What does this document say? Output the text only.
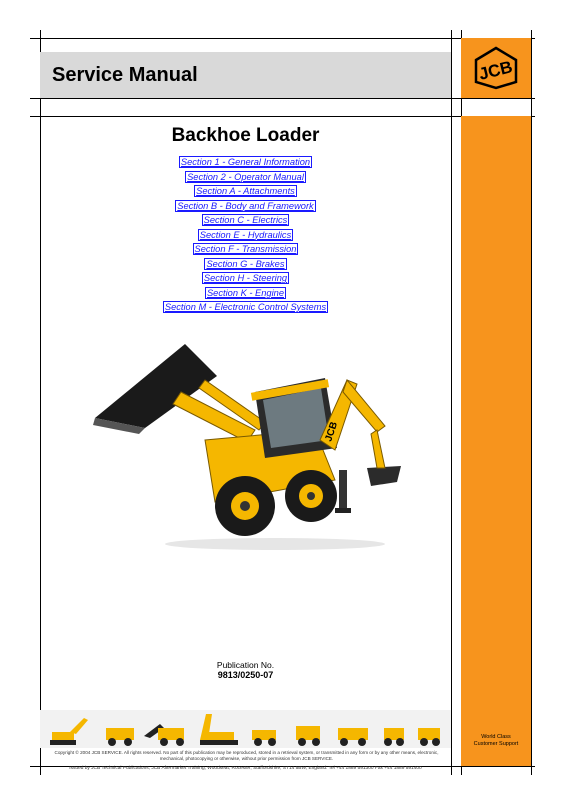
Service Manual	JCB
Backhoe Loader
Section 1 - General Information
Section 2 - Operator Manual
Section A - Attachments
Section B - Body and Framework
Section C - Electrics
Section E - Hydraulics
Section F - Transmission
Section G - Brakes
Section H - Steering
Section K - Engine
Section M - Electronic Control Systems
JCB
Publication No.
9813/0250-07
Copyright © 2004 JCB SERVICE. All rights reserved. No part of this publication may be reproduced, stored in a retrieval system, or transmitted in any form or by any other means, electronic, mechanical, photocopying or otherwise, without prior permission from JCB SERVICE.
Issued by JCB Technical Publications, JCB Aftermarket Training, Woodseat, Rocester, Staffordshire, ST14 5BW, England. Tel +44 1889 591300 Fax +44 1889 591400
World Class
Customer Support
